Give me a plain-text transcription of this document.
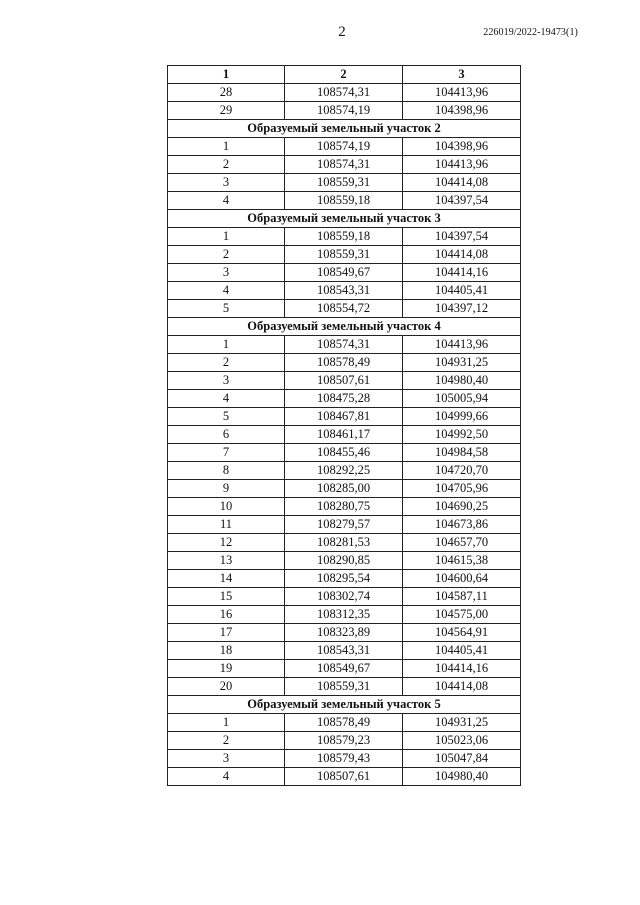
2	226019/2022-19473(1)
1	2	3
28	108574,31	104413,96
29	108574,19	104398,96
Образуемый земельный участок 2		
1	108574,19	104398,96
2	108574,31	104413,96
3	108559,31	104414,08
4	108559,18	104397,54
Образуемый земельный участок 3		
1	108559,18	104397,54
2	108559,31	104414,08
3	108549,67	104414,16
4	108543,31	104405,41
5	108554,72	104397,12
Образуемый земельный участок 4		
1	108574,31	104413,96
2	108578,49	104931,25
3	108507,61	104980,40
4	108475,28	105005,94
5	108467,81	104999,66
6	108461,17	104992,50
7	108455,46	104984,58
8	108292,25	104720,70
9	108285,00	104705,96
10	108280,75	104690,25
11	108279,57	104673,86
12	108281,53	104657,70
13	108290,85	104615,38
14	108295,54	104600,64
15	108302,74	104587,11
16	108312,35	104575,00
17	108323,89	104564,91
18	108543,31	104405,41
19	108549,67	104414,16
20	108559,31	104414,08
Образуемый земельный участок 5		
1	108578,49	104931,25
2	108579,23	105023,06
3	108579,43	105047,84
4	108507,61	104980,40
